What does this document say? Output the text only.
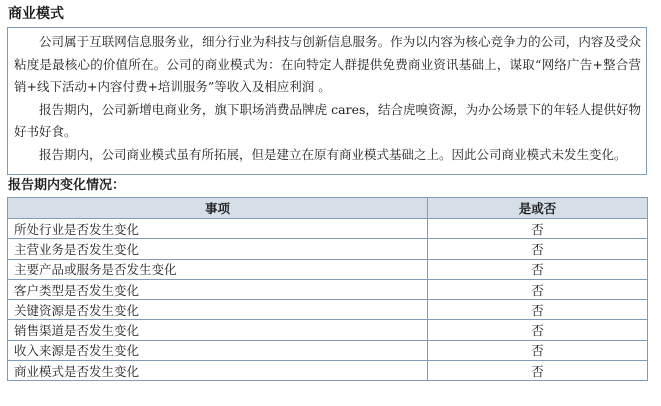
商业模式

公司属于互联网信息服务业，细分行业为科技与创新信息服务。作为以内容为核心竞争力的公司，内容及受众粘度是最核心的价值所在。公司的商业模式为：在向特定人群提供免费商业资讯基础上，谋取“网络广告+整合营销+线下活动+内容付费+培训服务”等收入及相应利润 。

报告期内，公司新增电商业务，旗下职场消费品牌虎 cares，结合虎嗅资源，为办公场景下的年轻人提供好物好书好食。

报告期内，公司商业模式虽有所拓展，但是建立在原有商业模式基础之上。因此公司商业模式未发生变化。

报告期内变化情况：
事项	是或否
所处行业是否发生变化	否
主营业务是否发生变化	否
主要产品或服务是否发生变化	否
客户类型是否发生变化	否
关键资源是否发生变化	否
销售渠道是否发生变化	否
收入来源是否发生变化	否
商业模式是否发生变化	否
